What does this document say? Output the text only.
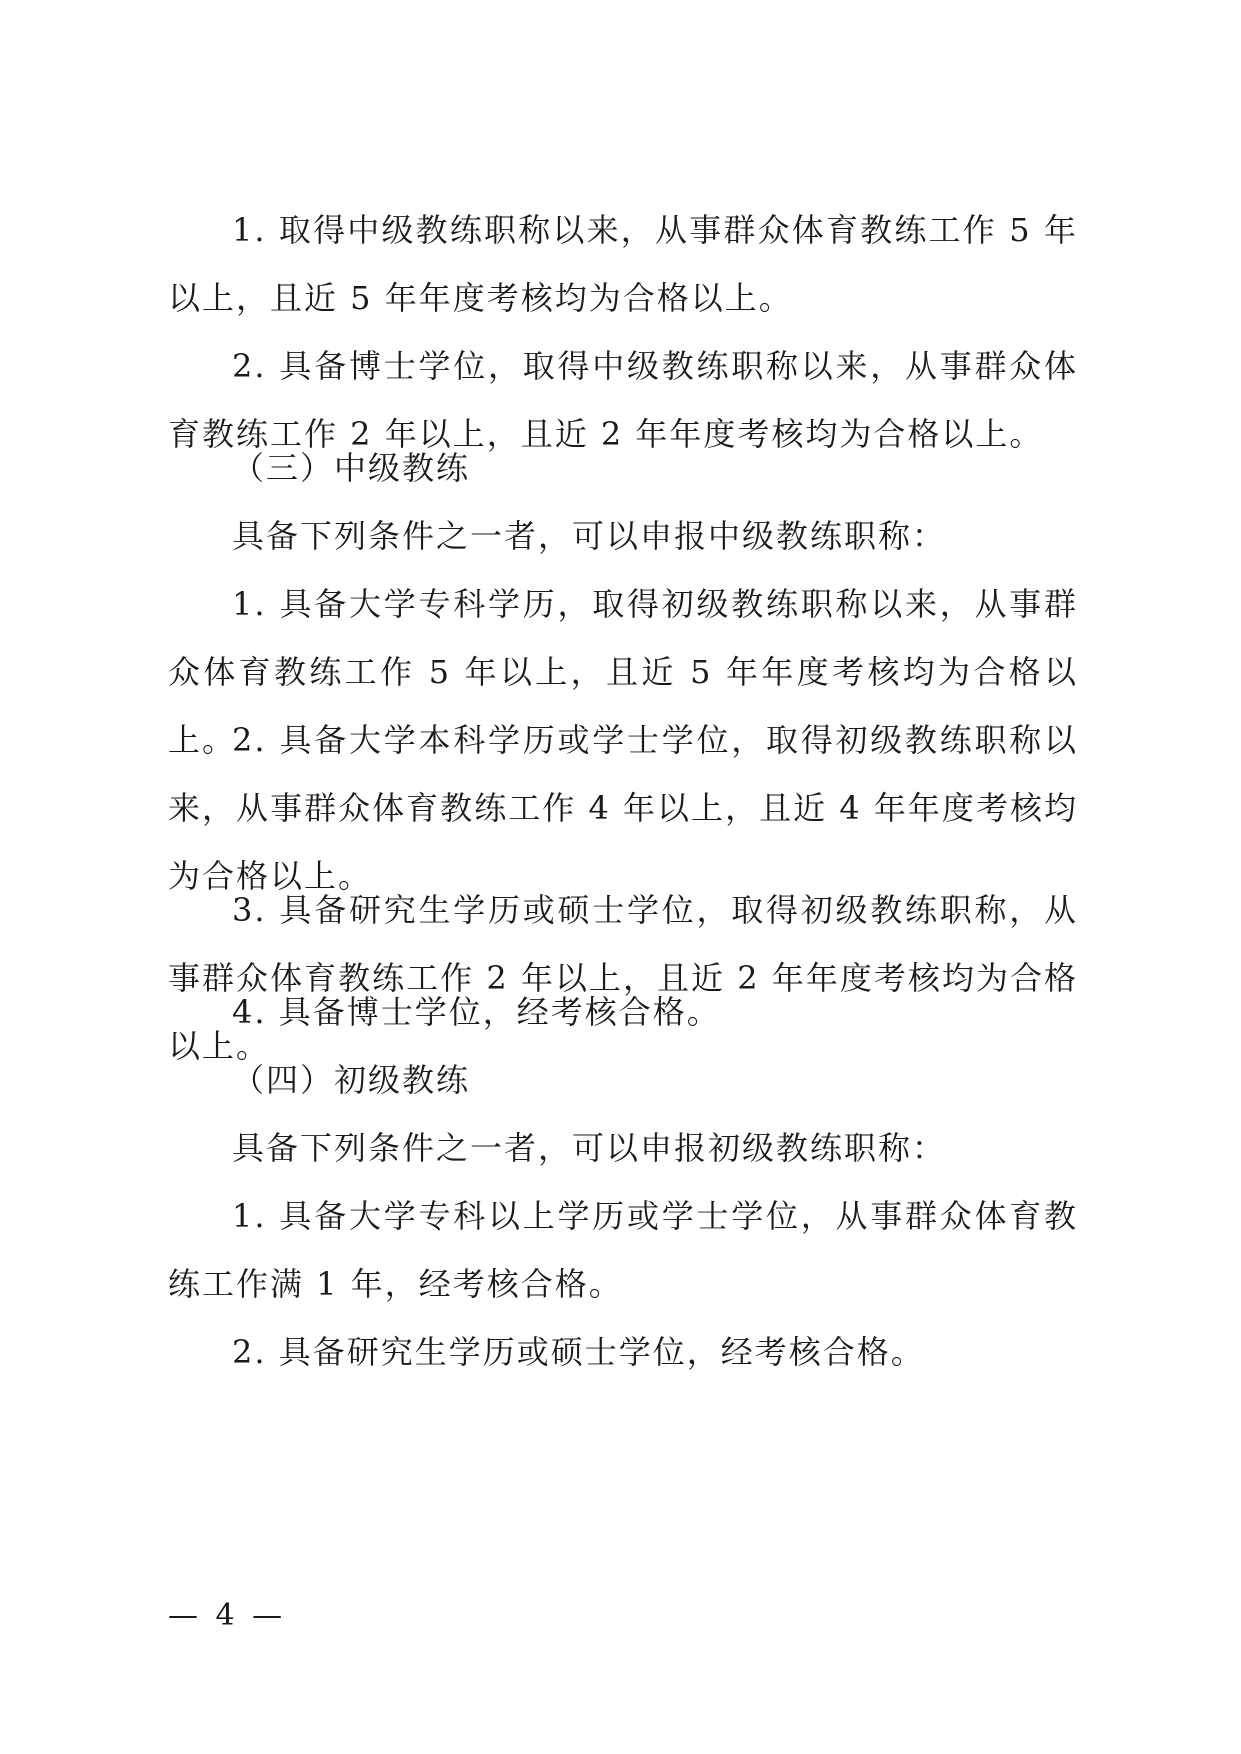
1. 取得中级教练职称以来，从事群众体育教练工作 5 年以上，且近 5 年年度考核均为合格以上。

2. 具备博士学位，取得中级教练职称以来，从事群众体育教练工作 2 年以上，且近 2 年年度考核均为合格以上。

（三）中级教练

具备下列条件之一者，可以申报中级教练职称：

1. 具备大学专科学历，取得初级教练职称以来，从事群众体育教练工作 5 年以上，且近 5 年年度考核均为合格以上。

2. 具备大学本科学历或学士学位，取得初级教练职称以来，从事群众体育教练工作 4 年以上，且近 4 年年度考核均为合格以上。

3. 具备研究生学历或硕士学位，取得初级教练职称，从事群众体育教练工作 2 年以上，且近 2 年年度考核均为合格以上。

4. 具备博士学位，经考核合格。

（四）初级教练

具备下列条件之一者，可以申报初级教练职称：

1. 具备大学专科以上学历或学士学位，从事群众体育教练工作满 1 年，经考核合格。

2. 具备研究生学历或硕士学位，经考核合格。

— 4 —
